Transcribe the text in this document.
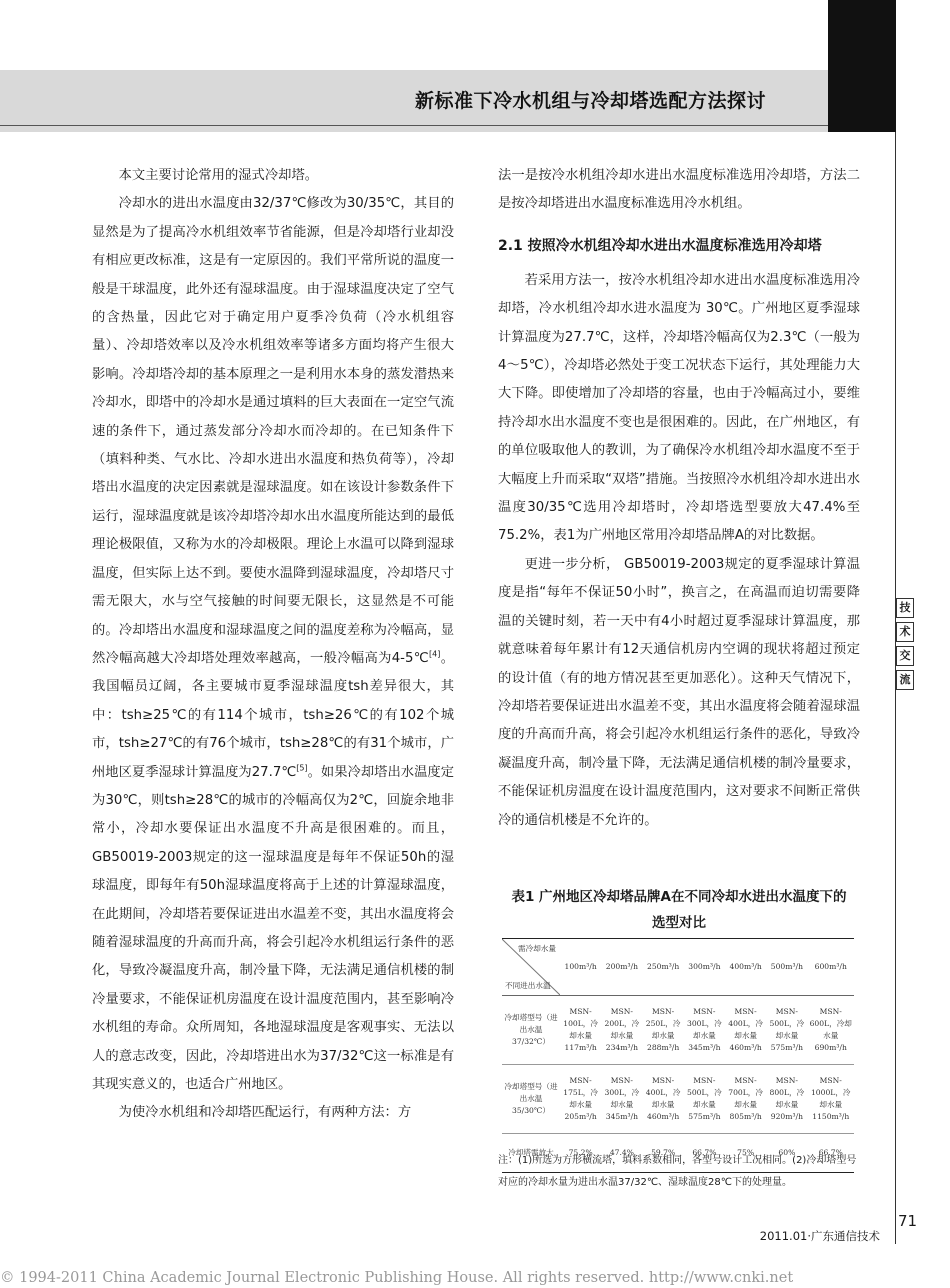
新标准下冷水机组与冷却塔选配方法探讨

本文主要讨论常用的湿式冷却塔。

冷却水的进出水温度由32/37℃修改为30/35℃，其目的显然是为了提高冷水机组效率节省能源，但是冷却塔行业却没有相应更改标准，这是有一定原因的。我们平常所说的温度一般是干球温度，此外还有湿球温度。由于湿球温度决定了空气的含热量，因此它对于确定用户夏季冷负荷（冷水机组容量）、冷却塔效率以及冷水机组效率等诸多方面均将产生很大影响。冷却塔冷却的基本原理之一是利用水本身的蒸发潜热来冷却水，即塔中的冷却水是通过填料的巨大表面在一定空气流速的条件下，通过蒸发部分冷却水而冷却的。在已知条件下（填料种类、气水比、冷却水进出水温度和热负荷等），冷却塔出水温度的决定因素就是湿球温度。如在该设计参数条件下运行，湿球温度就是该冷却塔冷却水出水温度所能达到的最低理论极限值，又称为水的冷却极限。理论上水温可以降到湿球温度，但实际上达不到。要使水温降到湿球温度，冷却塔尺寸需无限大，水与空气接触的时间要无限长，这显然是不可能的。冷却塔出水温度和湿球温度之间的温度差称为冷幅高，显然冷幅高越大冷却塔处理效率越高，一般冷幅高为4-5℃[4]。我国幅员辽阔，各主要城市夏季湿球温度tsh差异很大，其中：tsh≥25℃的有114个城市，tsh≥26℃的有102个城市，tsh≥27℃的有76个城市，tsh≥28℃的有31个城市，广州地区夏季湿球计算温度为27.7℃[5]。如果冷却塔出水温度定为30℃，则tsh≥28℃的城市的冷幅高仅为2℃，回旋余地非常小，冷却水要保证出水温度不升高是很困难的。而且，GB50019-2003规定的这一湿球温度是每年不保证50h的湿球温度，即每年有50h湿球温度将高于上述的计算湿球温度，在此期间，冷却塔若要保证进出水温差不变，其出水温度将会随着湿球温度的升高而升高，将会引起冷水机组运行条件的恶化，导致冷凝温度升高，制冷量下降，无法满足通信机楼的制冷量要求，不能保证机房温度在设计温度范围内，甚至影响冷水机组的寿命。众所周知，各地湿球温度是客观事实、无法以人的意志改变，因此，冷却塔进出水为37/32℃这一标准是有其现实意义的，也适合广州地区。

为使冷水机组和冷却塔匹配运行，有两种方法：方

法一是按冷水机组冷却水进出水温度标准选用冷却塔，方法二是按冷却塔进出水温度标准选用冷水机组。

2.1 按照冷水机组冷却水进出水温度标准选用冷却塔

若采用方法一，按冷水机组冷却水进出水温度标准选用冷却塔，冷水机组冷却水进水温度为 30℃。广州地区夏季湿球计算温度为27.7℃，这样，冷却塔冷幅高仅为2.3℃（一般为4～5℃），冷却塔必然处于变工况状态下运行，其处理能力大大下降。即使增加了冷却塔的容量，也由于冷幅高过小，要维持冷却水出水温度不变也是很困难的。因此，在广州地区，有的单位吸取他人的教训，为了确保冷水机组冷却水温度不至于大幅度上升而采取“双塔”措施。当按照冷水机组冷却水进出水温度30/35℃选用冷却塔时，冷却塔选型要放大47.4%至75.2%，表1为广州地区常用冷却塔品牌A的对比数据。

更进一步分析， GB50019-2003规定的夏季湿球计算温度是指“每年不保证50小时”，换言之，在高温而迫切需要降温的关键时刻，若一天中有4小时超过夏季湿球计算温度，那就意味着每年累计有12天通信机房内空调的现状将超过预定的设计值（有的地方情况甚至更加恶化）。这种天气情况下，冷却塔若要保证进出水温差不变，其出水温度将会随着湿球温度的升高而升高，将会引起冷水机组运行条件的恶化，导致冷凝温度升高，制冷量下降，无法满足通信机楼的制冷量要求，不能保证机房温度在设计温度范围内，这对要求不间断正常供冷的通信机楼是不允许的。

技
术
交
流
表1 广州地区冷却塔品牌A在不同冷却水进出水温度下的
选型对比
需冷却水量
不同进出水温	100m³/h	200m³/h	250m³/h	300m³/h	400m³/h	500m³/h	600m³/h
冷却塔型号（进出水温37/32℃）	MSN-100L，冷却水量117m³/h	MSN-200L，冷却水量234m³/h	MSN-250L，冷却水量288m³/h	MSN-300L，冷却水量345m³/h	MSN-400L，冷却水量460m³/h	MSN-500L，冷却水量575m³/h	MSN-600L，冷却水量690m³/h
冷却塔型号（进出水温35/30℃）	MSN-175L，冷却水量205m³/h	MSN-300L，冷却水量345m³/h	MSN-400L，冷却水量460m³/h	MSN-500L，冷却水量575m³/h	MSN-700L，冷却水量805m³/h	MSN-800L，冷却水量920m³/h	MSN-1000L，冷却水量1150m³/h
冷却塔需放大	75.2%	47.4%	59.7%	66.7%	75%	60%	66.7%
注：(1)所选为方形横流塔，填料系数相同，各型号设计工况相同。(2)冷却塔型号对应的冷却水量为进出水温37/32℃、湿球温度28℃下的处理量。
71
2011.01·广东通信技术
© 1994-2011 China Academic Journal Electronic Publishing House. All rights reserved. http://www.cnki.net
